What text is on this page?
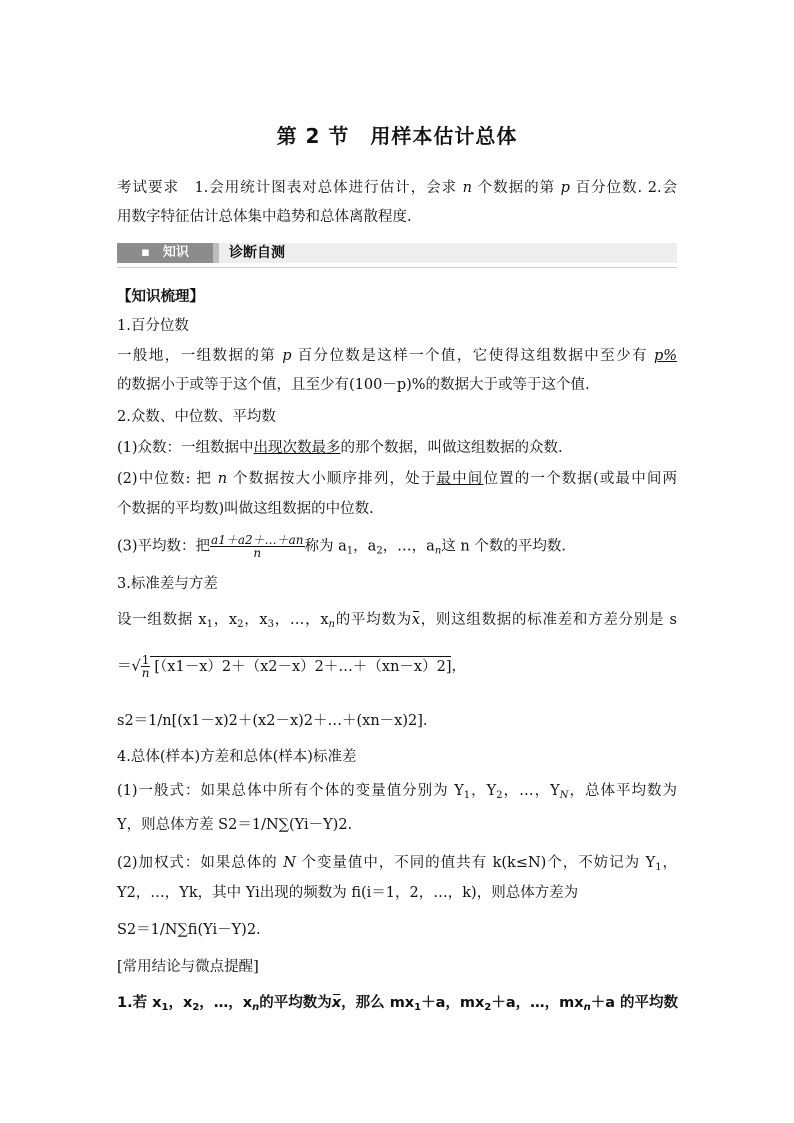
第 2 节　用样本估计总体
考试要求　1.会用统计图表对总体进行估计，会求 n 个数据的第 p 百分位数. 2.会
用数字特征估计总体集中趋势和总体离散程度.
▪　知识	诊断自测
【知识梳理】
1.百分位数
一般地，一组数据的第 p 百分位数是这样一个值，它使得这组数据中至少有 p%
的数据小于或等于这个值，且至少有(100－p)%的数据大于或等于这个值.
2.众数、中位数、平均数
(1)众数：一组数据中出现次数最多的那个数据，叫做这组数据的众数.
(2)中位数: 把 n 个数据按大小顺序排列，处于最中间位置的一个数据(或最中间两
个数据的平均数)叫做这组数据的中位数.
(3)平均数：把 $\frac{a1+a2+\dots+an}{n}$ 称为 $a_1$，$a_2$，…，$a_n$这 n 个数的平均数.
3.标准差与方差
设一组数据 $x_1$，$x_2$，$x_3$，…，$x_n$的平均数为x，则这组数据的标准差和方差分别是 s
＝√ $\frac{1}{n}$ [（x1－x）2＋（x2－x）2＋…＋（xn－x）2]，
s2＝1/n[(x1－x)2＋(x2－x)2＋…＋(xn－x)2].
4.总体(样本)方差和总体(样本)标准差
(1)一般式：如果总体中所有个体的变量值分别为 $Y_1$，$Y_2$，…，$Y_N$，总体平均数为
Y，则总体方差 S2＝1/N∑(Yi－Y)2.
(2)加权式：如果总体的 N 个变量值中，不同的值共有 k(k≤N)个，不妨记为 $Y_1$，
Y2，…，Yk，其中 Yi出现的频数为 fi(i＝1，2，…，k)，则总体方差为
S2＝1/N∑fi(Yi－Y)2.
[常用结论与微点提醒]
1.若 $x_1$，$x_2$，…，$x_n$的平均数为x，那么 $mx_1+a$，$mx_2+a$，…，$mx_n+a$ 的平均数
